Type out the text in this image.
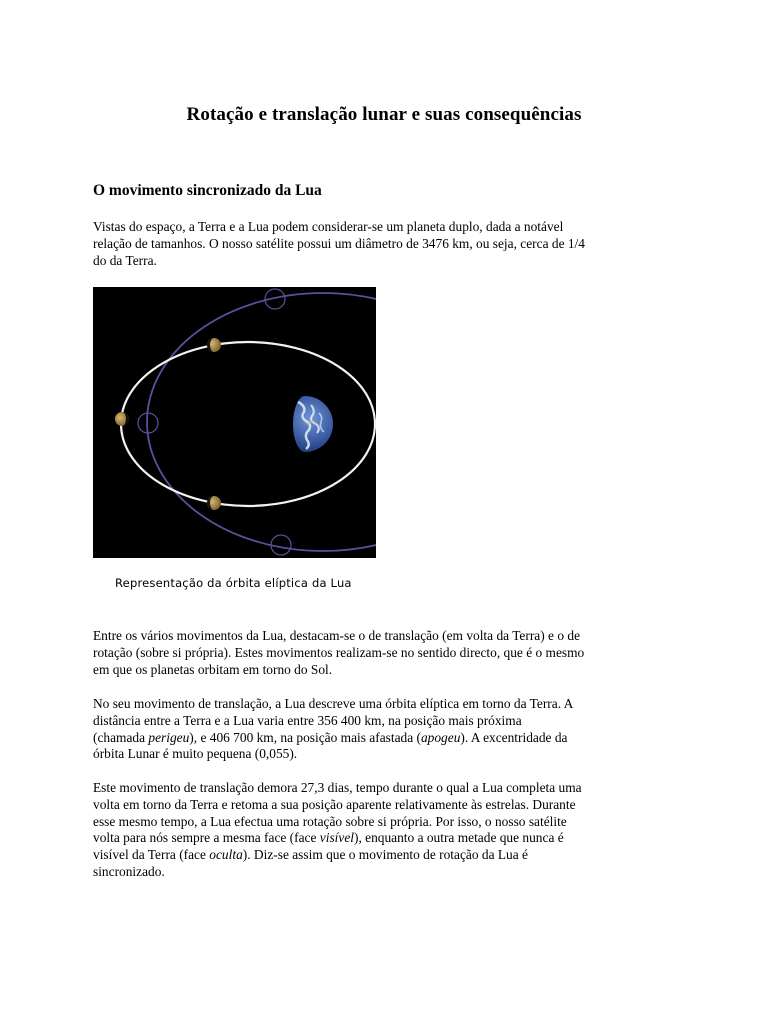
Rotação e translação lunar e suas consequências
O movimento sincronizado da Lua
Vistas do espaço, a Terra e a Lua podem considerar-se um planeta duplo, dada a notável
relação de tamanhos. O nosso satélite possui um diâmetro de 3476 km, ou seja, cerca de 1/4
do da Terra.
Representação da órbita elíptica da Lua
Entre os vários movimentos da Lua, destacam-se o de translação (em volta da Terra) e o de
rotação (sobre si própria). Estes movimentos realizam-se no sentido directo, que é o mesmo
em que os planetas orbitam em torno do Sol.
No seu movimento de translação, a Lua descreve uma órbita elíptica em torno da Terra. A
distância entre a Terra e a Lua varia entre 356 400 km, na posição mais próxima
(chamada perigeu), e 406 700 km, na posição mais afastada (apogeu). A excentridade da
órbita Lunar é muito pequena (0,055).
Este movimento de translação demora 27,3 dias, tempo durante o qual a Lua completa uma
volta em torno da Terra e retoma a sua posição aparente relativamente às estrelas. Durante
esse mesmo tempo, a Lua efectua uma rotação sobre si própria. Por isso, o nosso satélite
volta para nós sempre a mesma face (face visível), enquanto a outra metade que nunca é
visível da Terra (face oculta). Diz-se assim que o movimento de rotação da Lua é
sincronizado.
